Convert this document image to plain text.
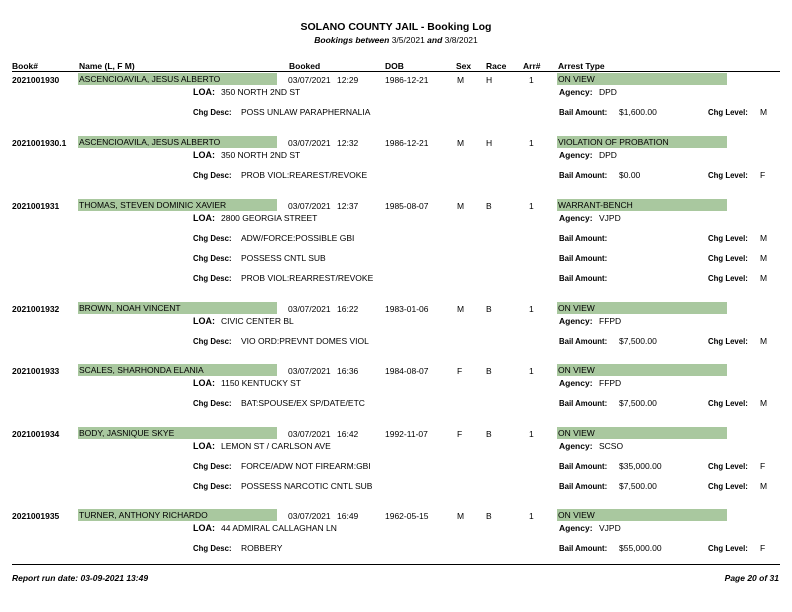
SOLANO COUNTY JAIL - Booking Log
Bookings between 3/5/2021 and 3/8/2021
Book#	Name (L, F M)	Booked	DOB	Sex Race Arr# Arrest Type
2021001930 ASCENCIOAVILA, JESUS ALBERTO	03/07/2021 12:29	1986-12-21	M	H	1	ON VIEW
LOA: 350 NORTH 2ND ST	Agency: DPD
Chg Desc: POSS UNLAW PARAPHERNALIA	Bail Amount: $1,600.00	Chg Level: M
2021001930.1 ASCENCIOAVILA, JESUS ALBERTO	03/07/2021 12:32	1986-12-21	M	H	1	VIOLATION OF PROBATION
LOA: 350 NORTH 2ND ST	Agency: DPD
Chg Desc: PROB VIOL:REAREST/REVOKE	Bail Amount: $0.00	Chg Level: F
2021001931 THOMAS, STEVEN DOMINIC XAVIER	03/07/2021 12:37	1985-08-07	M	B	1	WARRANT-BENCH
LOA: 2800 GEORGIA STREET	Agency: VJPD
Chg Desc: ADW/FORCE:POSSIBLE GBI	Bail Amount:	Chg Level: M
Chg Desc: POSSESS CNTL SUB	Bail Amount:	Chg Level: M
Chg Desc: PROB VIOL:REARREST/REVOKE	Bail Amount:	Chg Level: M
2021001932 BROWN, NOAH VINCENT	03/07/2021 16:22	1983-01-06	M	B	1	ON VIEW
LOA: CIVIC CENTER BL	Agency: FFPD
Chg Desc: VIO ORD:PREVNT DOMES VIOL	Bail Amount: $7,500.00	Chg Level: M
2021001933 SCALES, SHARHONDA ELANIA	03/07/2021 16:36	1984-08-07	F	B	1	ON VIEW
LOA: 1150 KENTUCKY ST	Agency: FFPD
Chg Desc: BAT:SPOUSE/EX SP/DATE/ETC	Bail Amount: $7,500.00	Chg Level: M
2021001934 BODY, JASNIQUE SKYE	03/07/2021 16:42	1992-11-07	F	B	1	ON VIEW
LOA: LEMON ST / CARLSON AVE	Agency: SCSO
Chg Desc: FORCE/ADW NOT FIREARM:GBI	Bail Amount: $35,000.00	Chg Level: F
Chg Desc: POSSESS NARCOTIC CNTL SUB	Bail Amount: $7,500.00	Chg Level: M
2021001935 TURNER, ANTHONY RICHARDO	03/07/2021 16:49	1962-05-15	M	B	1	ON VIEW
LOA: 44 ADMIRAL CALLAGHAN LN	Agency: VJPD
Chg Desc: ROBBERY	Bail Amount: $55,000.00	Chg Level: F
Report run date: 03-09-2021 13:49	Page 20 of 31
